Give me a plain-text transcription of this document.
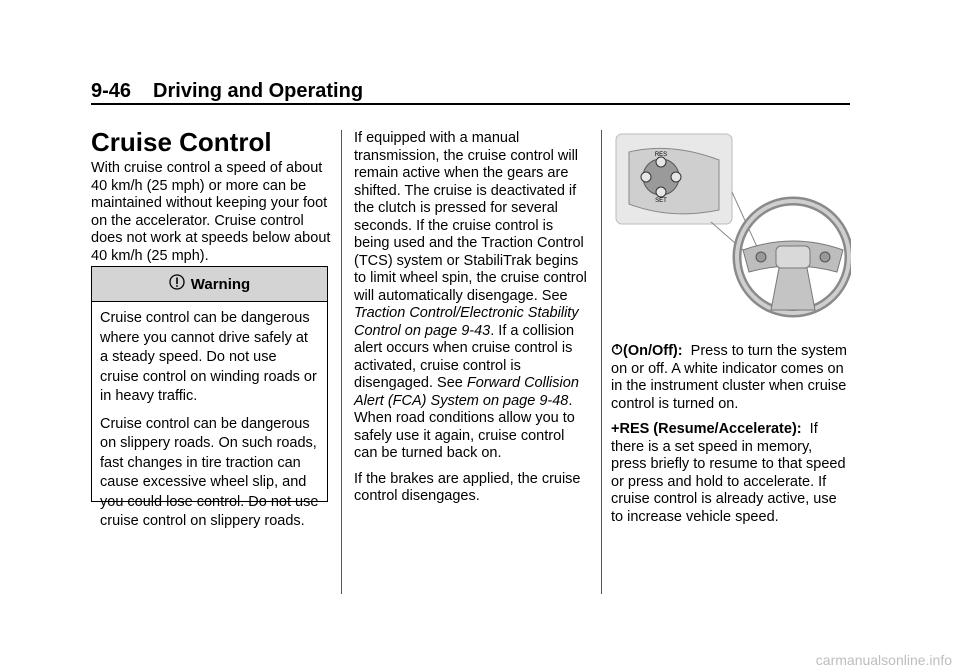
9-46 Driving and Operating
Cruise Control

With cruise control a speed of about 40 km/h (25 mph) or more can be maintained without keeping your foot on the accelerator. Cruise control does not work at speeds below about 40 km/h (25 mph).

Warning

Cruise control can be dangerous where you cannot drive safely at a steady speed. Do not use cruise control on winding roads or in heavy traffic.

Cruise control can be dangerous on slippery roads. On such roads, fast changes in tire traction can cause excessive wheel slip, and you could lose control. Do not use cruise control on slippery roads.

If equipped with a manual transmission, the cruise control will remain active when the gears are shifted. The cruise is deactivated if the clutch is pressed for several seconds. If the cruise control is being used and the Traction Control (TCS) system or StabiliTrak begins to limit wheel spin, the cruise control will automatically disengage. See Traction Control/Electronic Stability Control on page 9-43. If a collision alert occurs when cruise control is activated, cruise control is disengaged. See Forward Collision Alert (FCA) System on page 9-48. When road conditions allow you to safely use it again, cruise control can be turned back on.

If the brakes are applied, the cruise control disengages.

RES
SET

(On/Off): Press to turn the system on or off. A white indicator comes on in the instrument cluster when cruise control is turned on.

+RES (Resume/Accelerate): If there is a set speed in memory, press briefly to resume to that speed or press and hold to accelerate. If cruise control is already active, use to increase vehicle speed.

carmanualsonline.info
